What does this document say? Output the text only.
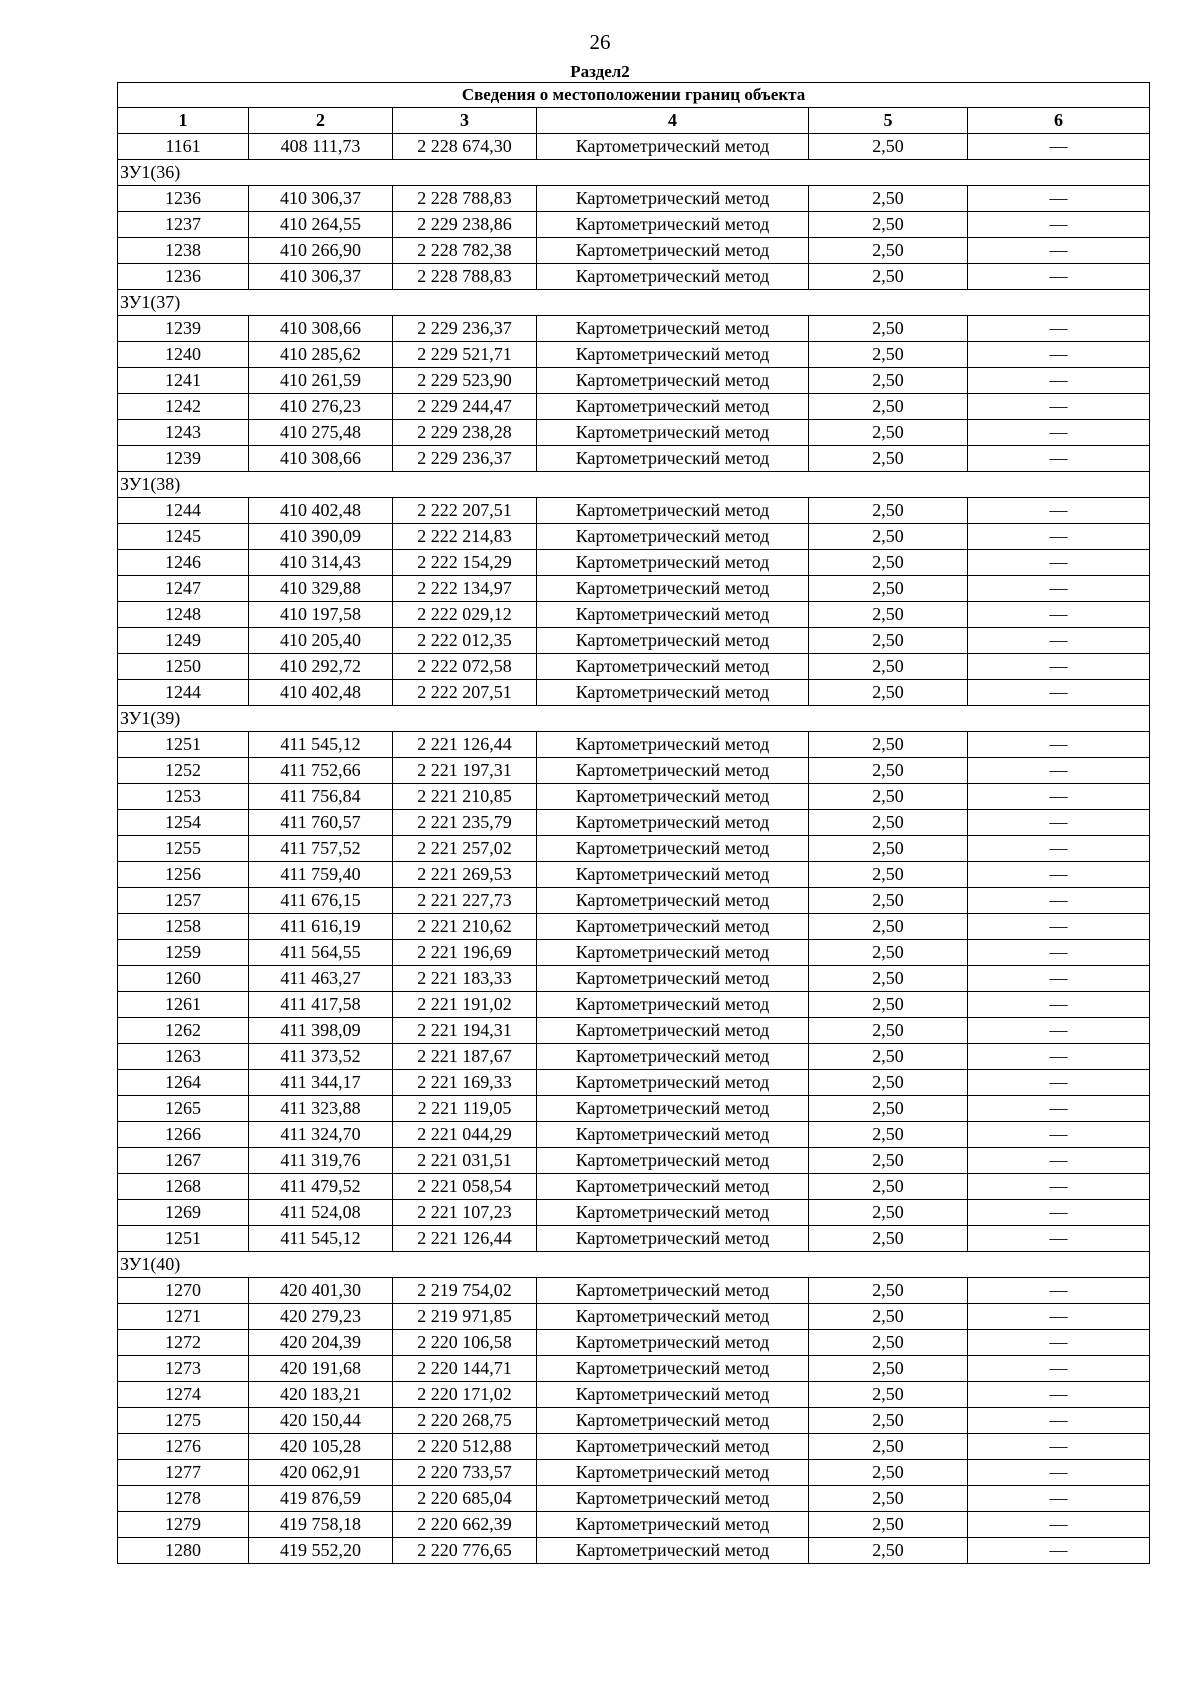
26
Раздел2
Сведения о местоположении границ объекта					
1	2	3	4	5	6
1161	408 111,73	2 228 674,30	Картометрический метод	2,50	—
ЗУ1(36)					
1236	410 306,37	2 228 788,83	Картометрический метод	2,50	—
1237	410 264,55	2 229 238,86	Картометрический метод	2,50	—
1238	410 266,90	2 228 782,38	Картометрический метод	2,50	—
1236	410 306,37	2 228 788,83	Картометрический метод	2,50	—
ЗУ1(37)					
1239	410 308,66	2 229 236,37	Картометрический метод	2,50	—
1240	410 285,62	2 229 521,71	Картометрический метод	2,50	—
1241	410 261,59	2 229 523,90	Картометрический метод	2,50	—
1242	410 276,23	2 229 244,47	Картометрический метод	2,50	—
1243	410 275,48	2 229 238,28	Картометрический метод	2,50	—
1239	410 308,66	2 229 236,37	Картометрический метод	2,50	—
ЗУ1(38)					
1244	410 402,48	2 222 207,51	Картометрический метод	2,50	—
1245	410 390,09	2 222 214,83	Картометрический метод	2,50	—
1246	410 314,43	2 222 154,29	Картометрический метод	2,50	—
1247	410 329,88	2 222 134,97	Картометрический метод	2,50	—
1248	410 197,58	2 222 029,12	Картометрический метод	2,50	—
1249	410 205,40	2 222 012,35	Картометрический метод	2,50	—
1250	410 292,72	2 222 072,58	Картометрический метод	2,50	—
1244	410 402,48	2 222 207,51	Картометрический метод	2,50	—
ЗУ1(39)					
1251	411 545,12	2 221 126,44	Картометрический метод	2,50	—
1252	411 752,66	2 221 197,31	Картометрический метод	2,50	—
1253	411 756,84	2 221 210,85	Картометрический метод	2,50	—
1254	411 760,57	2 221 235,79	Картометрический метод	2,50	—
1255	411 757,52	2 221 257,02	Картометрический метод	2,50	—
1256	411 759,40	2 221 269,53	Картометрический метод	2,50	—
1257	411 676,15	2 221 227,73	Картометрический метод	2,50	—
1258	411 616,19	2 221 210,62	Картометрический метод	2,50	—
1259	411 564,55	2 221 196,69	Картометрический метод	2,50	—
1260	411 463,27	2 221 183,33	Картометрический метод	2,50	—
1261	411 417,58	2 221 191,02	Картометрический метод	2,50	—
1262	411 398,09	2 221 194,31	Картометрический метод	2,50	—
1263	411 373,52	2 221 187,67	Картометрический метод	2,50	—
1264	411 344,17	2 221 169,33	Картометрический метод	2,50	—
1265	411 323,88	2 221 119,05	Картометрический метод	2,50	—
1266	411 324,70	2 221 044,29	Картометрический метод	2,50	—
1267	411 319,76	2 221 031,51	Картометрический метод	2,50	—
1268	411 479,52	2 221 058,54	Картометрический метод	2,50	—
1269	411 524,08	2 221 107,23	Картометрический метод	2,50	—
1251	411 545,12	2 221 126,44	Картометрический метод	2,50	—
ЗУ1(40)					
1270	420 401,30	2 219 754,02	Картометрический метод	2,50	—
1271	420 279,23	2 219 971,85	Картометрический метод	2,50	—
1272	420 204,39	2 220 106,58	Картометрический метод	2,50	—
1273	420 191,68	2 220 144,71	Картометрический метод	2,50	—
1274	420 183,21	2 220 171,02	Картометрический метод	2,50	—
1275	420 150,44	2 220 268,75	Картометрический метод	2,50	—
1276	420 105,28	2 220 512,88	Картометрический метод	2,50	—
1277	420 062,91	2 220 733,57	Картометрический метод	2,50	—
1278	419 876,59	2 220 685,04	Картометрический метод	2,50	—
1279	419 758,18	2 220 662,39	Картометрический метод	2,50	—
1280	419 552,20	2 220 776,65	Картометрический метод	2,50	—
